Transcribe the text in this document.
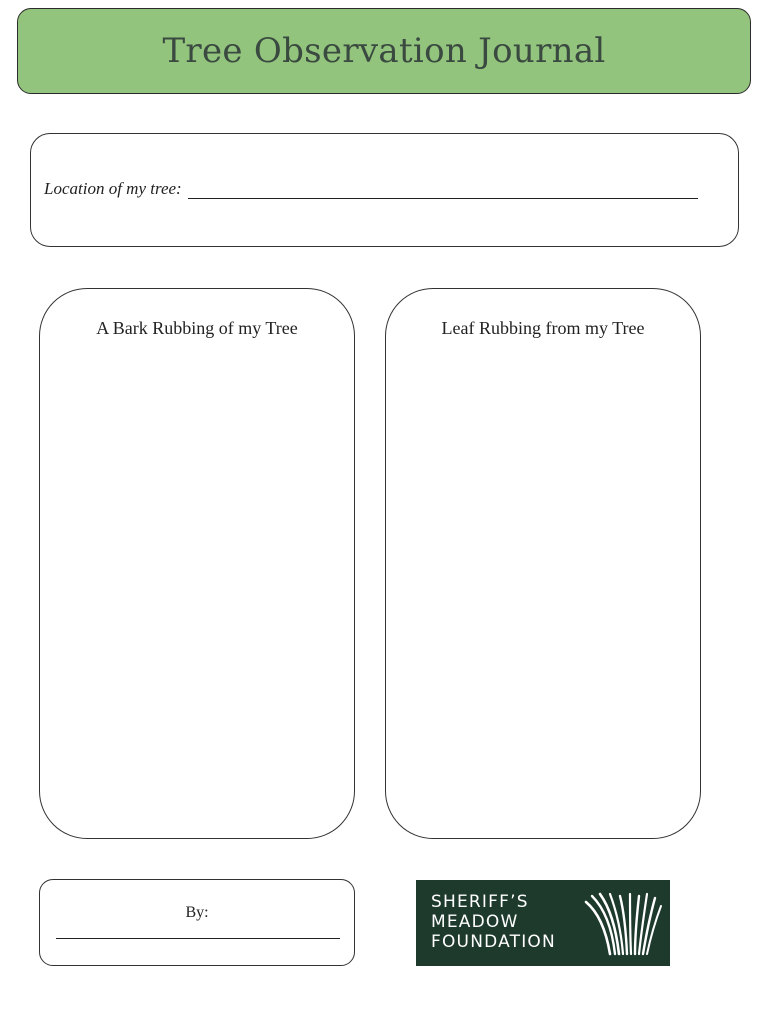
Tree Observation Journal
Location of my tree:
A Bark Rubbing of my Tree	Leaf Rubbing from my Tree
By:
SHERIFF’S
MEADOW
FOUNDATION
